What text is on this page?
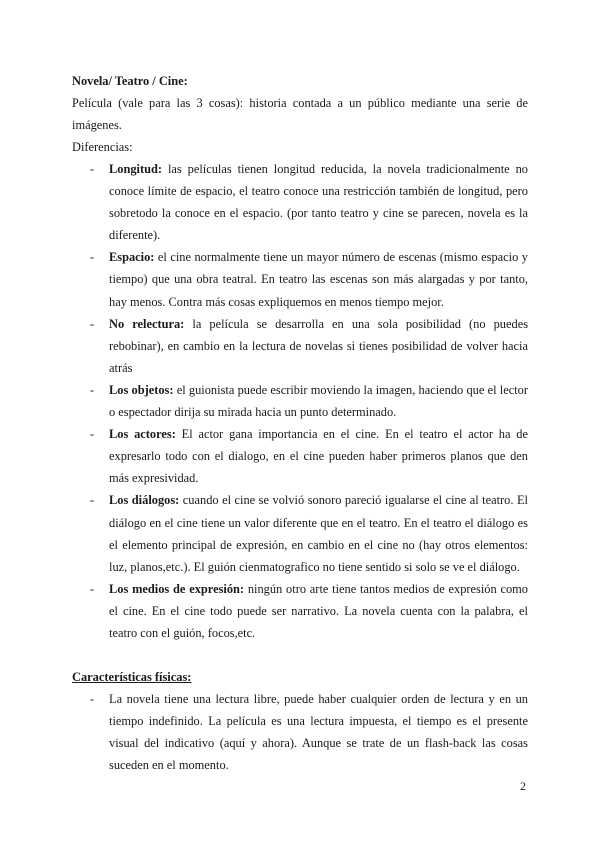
Novela/ Teatro / Cine:

Película (vale para las 3 cosas): historia contada a un público mediante una serie de imágenes.

Diferencias:

- Longitud: las películas tienen longitud reducida, la novela tradicionalmente no conoce límite de espacio, el teatro conoce una restricción también de longitud, pero sobretodo la conoce en el espacio. (por tanto teatro y cine se parecen, novela es la diferente).
- Espacio: el cine normalmente tiene un mayor número de escenas (mismo espacio y tiempo) que una obra teatral. En teatro las escenas son más alargadas y por tanto, hay menos. Contra más cosas expliquemos en menos tiempo mejor.
- No relectura: la película se desarrolla en una sola posibilidad (no puedes rebobinar), en cambio en la lectura de novelas si tienes posibilidad de volver hacia atrás
- Los objetos: el guionista puede escribir moviendo la imagen, haciendo que el lector o espectador dirija su mirada hacia un punto determinado.
- Los actores: El actor gana importancia en el cine. En el teatro el actor ha de expresarlo todo con el dialogo, en el cine pueden haber primeros planos que den más expresividad.
- Los diálogos: cuando el cine se volvió sonoro pareció igualarse el cine al teatro. El diálogo en el cine tiene un valor diferente que en el teatro. En el teatro el diálogo es el elemento principal de expresión, en cambio en el cine no (hay otros elementos: luz, planos,etc.). El guión cienmatografico no tiene sentido si solo se ve el diálogo.
- Los medios de expresión: ningún otro arte tiene tantos medios de expresión como el cine. En el cine todo puede ser narrativo. La novela cuenta con la palabra, el teatro con el guión, focos,etc.

Características físicas:

- La novela tiene una lectura libre, puede haber cualquier orden de lectura y en un tiempo indefinido. La película es una lectura impuesta, el tiempo es el presente visual del indicativo (aquí y ahora). Aunque se trate de un flash-back las cosas suceden en el momento.
2
